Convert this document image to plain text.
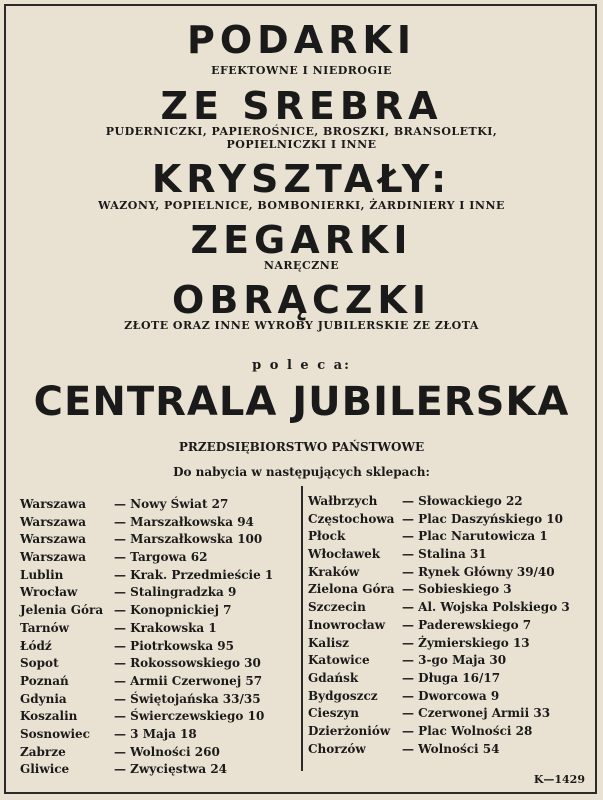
PODARKI
EFEKTOWNE I NIEDROGIE
ZE SREBRA
PUDERNICZKI, PAPIEROŚNICE, BROSZKI, BRANSOLETKI,
POPIELNICZKI I INNE
KRYSZTAŁY:
WAZONY, POPIELNICE, BOMBONIERKI, ŻARDINIERY I INNE
ZEGARKI
NARĘCZNE
OBRĄCZKI
ZŁOTE ORAZ INNE WYROBY JUBILERSKIE ZE ZŁOTA
p o l e c a:
CENTRALA JUBILERSKA
PRZEDSIĘBIORSTWO PAŃSTWOWE
Do nabycia w następujących sklepach:
Warszawa — Nowy Świat 27
Warszawa — Marszałkowska 94
Warszawa — Marszałkowska 100
Warszawa — Targowa 62
Lublin	— Krak. Przedmieście 1
Wrocław	— Stalingradzka 9
Jelenia Góra — Konopnickiej 7
Tarnów	— Krakowska 1
Łódź	— Piotrkowska 95
Sopot	— Rokossowskiego 30
Poznań	— Armii Czerwonej 57
Gdynia	— Świętojańska 33/35
Koszalin	— Świerczewskiego 10
Sosnowiec — 3 Maja 18
Zabrze	— Wolności 260
Gliwice	— Zwycięstwa 24
Wałbrzych — Słowackiego 22
Częstochowa — Plac Daszyńskiego 10
Płock	— Plac Narutowicza 1
Włocławek — Stalina 31
Kraków	— Rynek Główny 39/40
Zielona Góra — Sobieskiego 3
Szczecin	— Al. Wojska Polskiego 3
Inowrocław — Paderewskiego 7
Kalisz	— Żymierskiego 13
Katowice	— 3-go Maja 30
Gdańsk	— Długa 16/17
Bydgoszcz — Dworcowa 9
Cieszyn	— Czerwonej Armii 33
Dzierżoniów — Plac Wolności 28
Chorzów	— Wolności 54
K—1429
